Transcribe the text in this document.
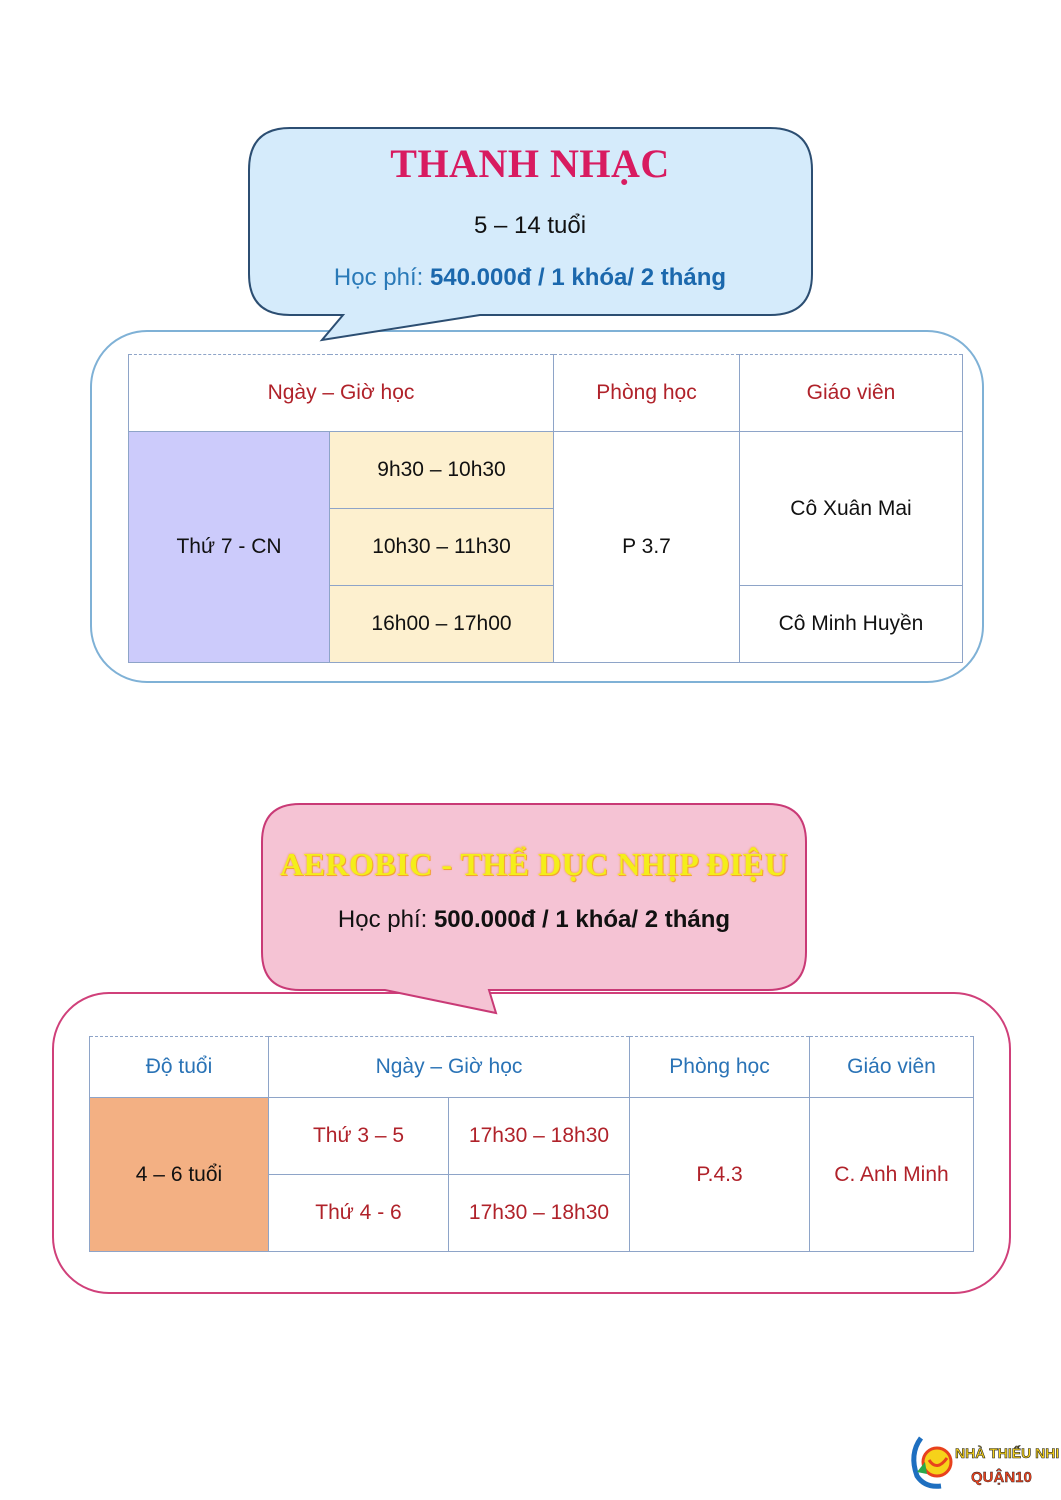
THANH NHẠC
5 – 14 tuổi
Học phí: 540.000đ / 1 khóa/ 2 tháng
Ngày – Giờ học		Phòng học	Giáo viên
Thứ 7 - CN	9h30 – 10h30	P 3.7	Cô Xuân Mai
	10h30 – 11h30		
	16h00 – 17h00		Cô Minh Huyền
AEROBIC - THỂ DỤC NHỊP ĐIỆU
Học phí: 500.000đ / 1 khóa/ 2 tháng
Độ tuổi	Ngày – Giờ học		Phòng học	Giáo viên
4 – 6 tuổi	Thứ 3 – 5	17h30 – 18h30	P.4.3	C. Anh Minh
	Thứ 4 - 6	17h30 – 18h30		
NHÀ THIẾU NHI
QUẬN10
